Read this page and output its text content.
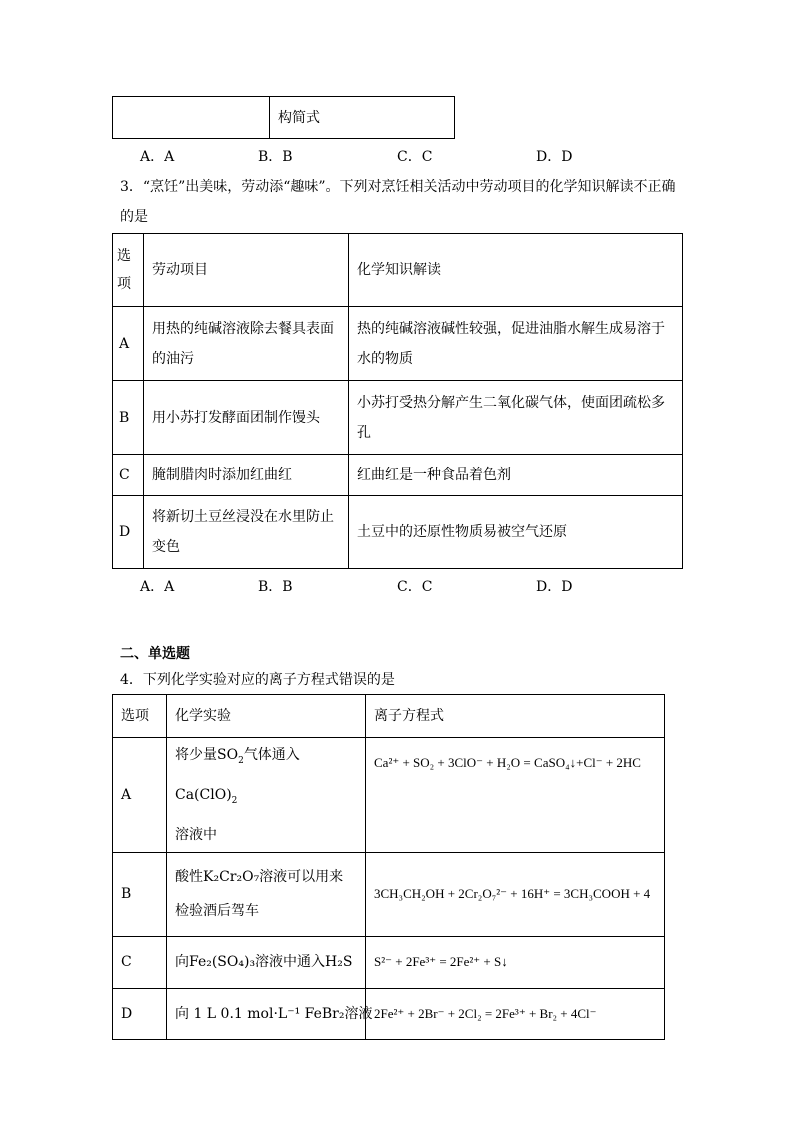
	构简式
A．A	B．B	C．C	D．D
3．“烹饪”出美味，劳动添“趣味”。下列对烹饪相关活动中劳动项目的化学知识解读不正确
的是
选
项	劳动项目	化学知识解读
A	用热的纯碱溶液除去餐具表面的油污	热的纯碱溶液碱性较强，促进油脂水解生成易溶于水的物质
B	用小苏打发酵面团制作馒头	小苏打受热分解产生二氧化碳气体，使面团疏松多孔
C	腌制腊肉时添加红曲红	红曲红是一种食品着色剂
D	将新切土豆丝浸没在水里防止变色	土豆中的还原性物质易被空气还原
A．A	B．B	C．C	D．D
二、单选题
4．下列化学实验对应的离子方程式错误的是
选项	化学实验	离子方程式
A	将少量$SO_2$气体通入$Ca(ClO)_2$
溶液中	Ca²⁺ + SO₂ + 3ClO⁻ + H₂O = CaSO₄↓+Cl⁻ + 2HC
B	酸性K₂Cr₂O₇溶液可以用来检验酒后驾车	3CH₃CH₂OH + 2Cr₂O₇²⁻ + 16H⁺ = 3CH₃COOH + 4
C	向Fe₂(SO₄)₃溶液中通入H₂S	S²⁻ + 2Fe³⁺ = 2Fe²⁺ + S↓
D	向 1 L 0.1 mol·L⁻¹ FeBr₂溶液	2Fe²⁺ + 2Br⁻ + 2Cl₂ = 2Fe³⁺ + Br₂ + 4Cl⁻
